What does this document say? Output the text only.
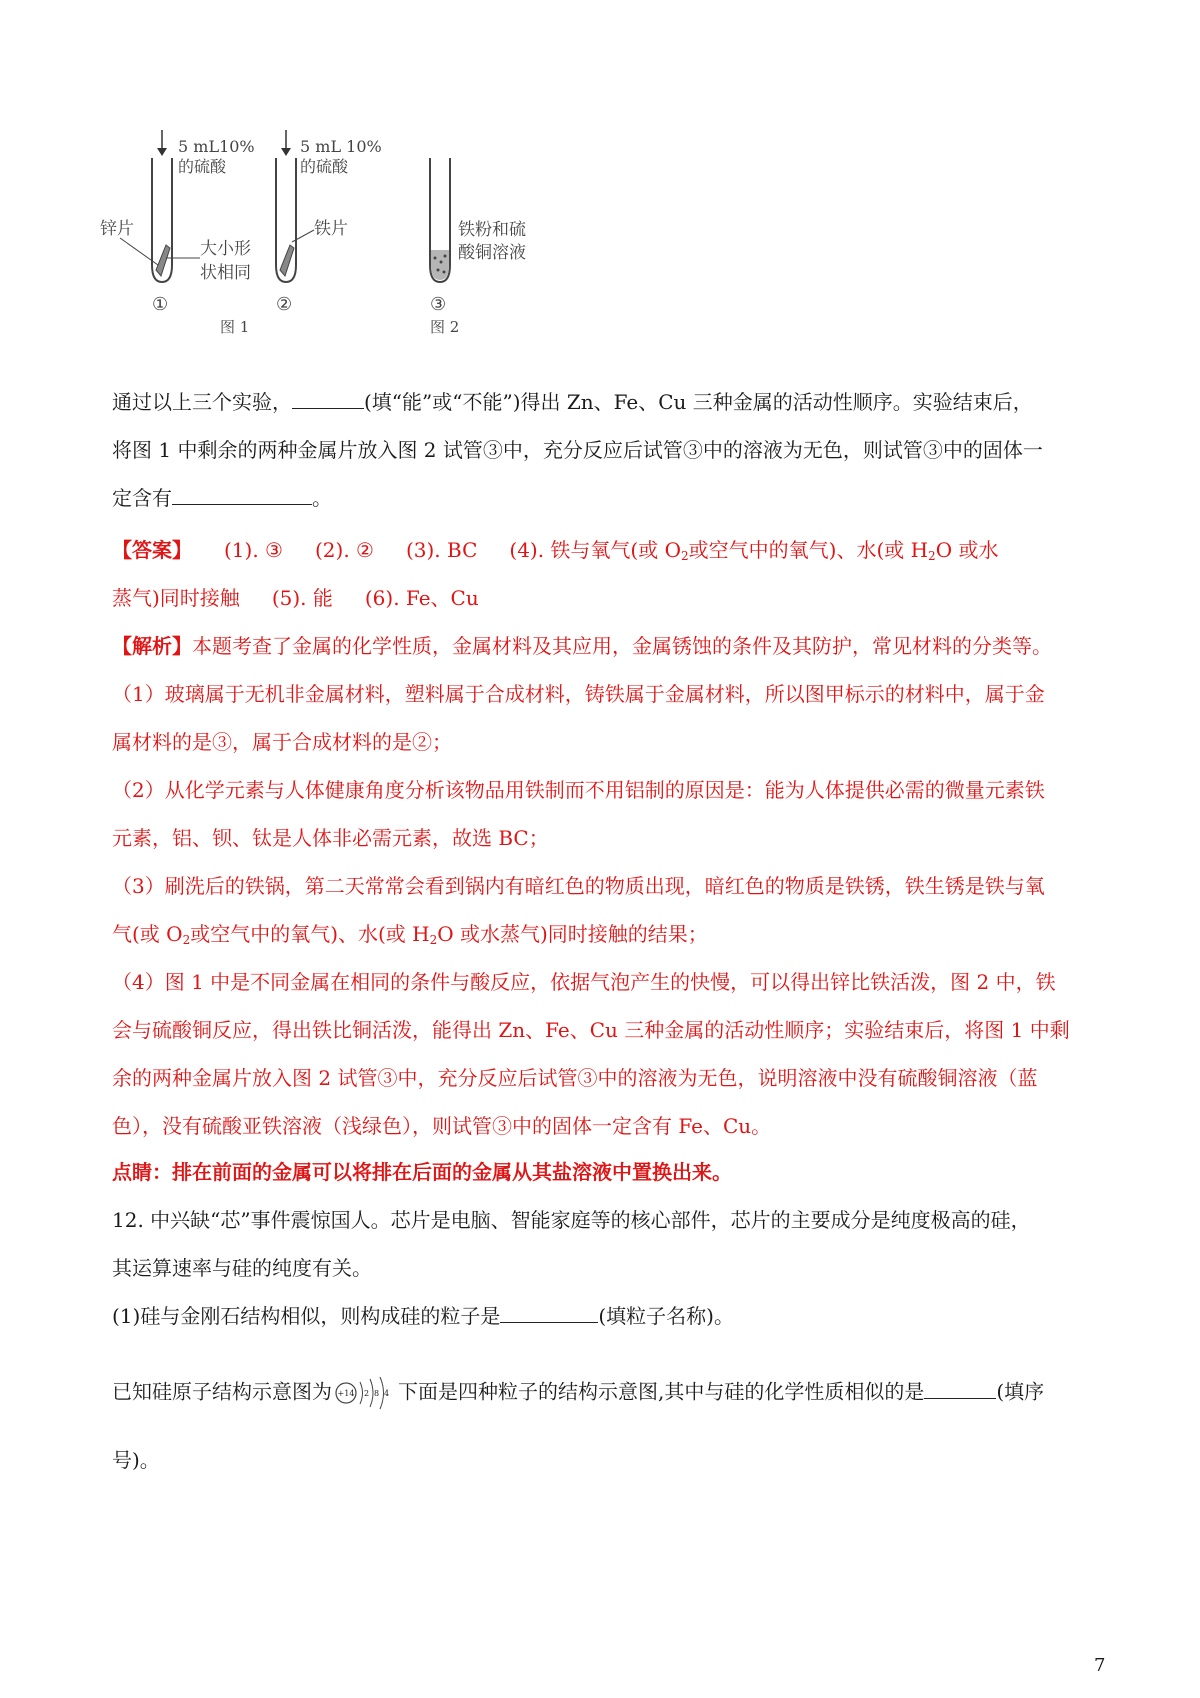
5 mL10%
的硫酸
锌片
大小形
状相同
①
5 mL 10%
的硫酸
铁片
②
图 1
铁粉和硫
酸铜溶液
③
图 2
通过以上三个实验，	(填“能”或“不能”)得出 Zn、Fe、Cu 三种金属的活动性顺序。实验结束后，
将图 1 中剩余的两种金属片放入图 2 试管③中，充分反应后试管③中的溶液为无色，则试管③中的固体一
定含有	。
【答案】 (1). ③ (2). ② (3). BC (4). 铁与氧气(或 $O_2$或空气中的氧气)、水(或 $H_2O$ 或水
蒸气)同时接触 (5). 能 (6). Fe、Cu
【解析】本题考查了金属的化学性质，金属材料及其应用，金属锈蚀的条件及其防护，常见材料的分类等。
（1）玻璃属于无机非金属材料，塑料属于合成材料，铸铁属于金属材料，所以图甲标示的材料中，属于金
属材料的是③，属于合成材料的是②；
（2）从化学元素与人体健康角度分析该物品用铁制而不用铝制的原因是：能为人体提供必需的微量元素铁
元素，铝、钡、钛是人体非必需元素，故选 BC；
（3）刷洗后的铁锅，第二天常常会看到锅内有暗红色的物质出现，暗红色的物质是铁锈，铁生锈是铁与氧
气(或 $O_2$或空气中的氧气)、水(或 $H_2O$ 或水蒸气)同时接触的结果；
（4）图 1 中是不同金属在相同的条件与酸反应，依据气泡产生的快慢，可以得出锌比铁活泼，图 2 中，铁
会与硫酸铜反应，得出铁比铜活泼，能得出 Zn、Fe、Cu 三种金属的活动性顺序；实验结束后，将图 1 中剩
余的两种金属片放入图 2 试管③中，充分反应后试管③中的溶液为无色，说明溶液中没有硫酸铜溶液（蓝
色），没有硫酸亚铁溶液（浅绿色），则试管③中的固体一定含有 Fe、Cu。
点睛：排在前面的金属可以将排在后面的金属从其盐溶液中置换出来。
12. 中兴缺“芯”事件震惊国人。芯片是电脑、智能家庭等的核心部件，芯片的主要成分是纯度极高的硅，
其运算速率与硅的纯度有关。
(1)硅与金刚石结构相似，则构成硅的粒子是	(填粒子名称)。
已知硅原子结构示意图为 +14 2 8 4 下面是四种粒子的结构示意图,其中与硅的化学性质相似的是	(填序
号)。
7
